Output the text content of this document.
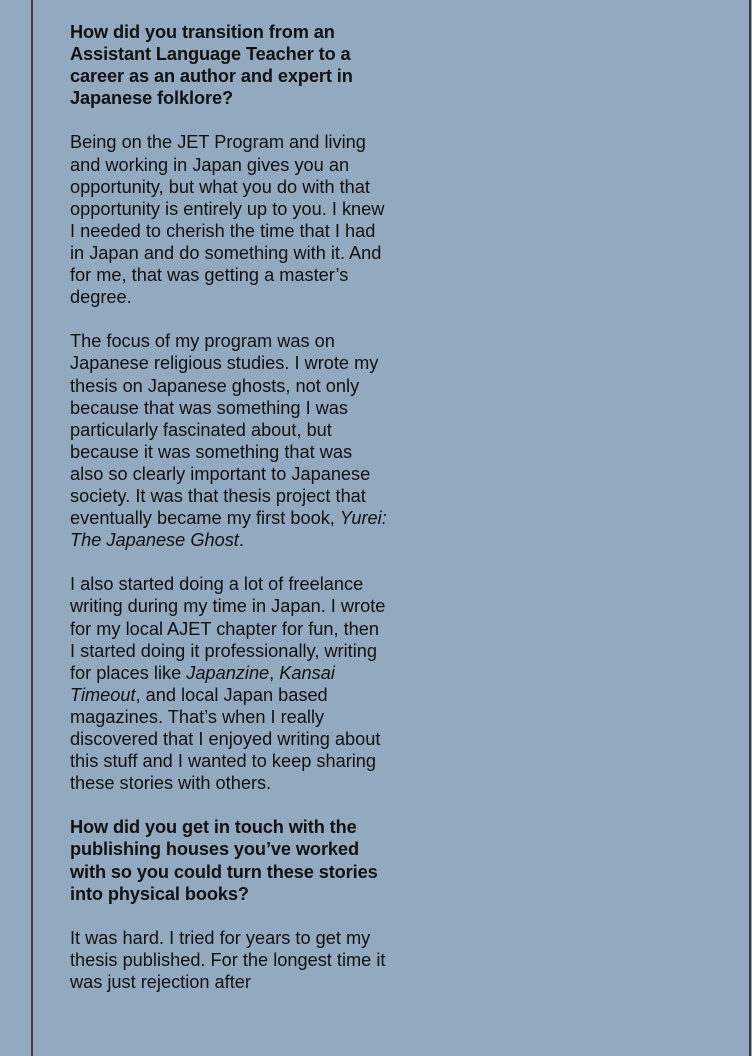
How did you transition from an Assistant Language Teacher to a career as an author and expert in Japanese folklore?

Being on the JET Program and living and working in Japan gives you an opportunity, but what you do with that opportunity is entirely up to you. I knew I needed to cherish the time that I had in Japan and do something with it. And for me, that was getting a master’s degree.

The focus of my program was on Japanese religious studies. I wrote my thesis on Japanese ghosts, not only because that was something I was particularly fascinated about, but because it was something that was also so clearly important to Japanese society. It was that thesis project that eventually became my first book, Yurei: The Japanese Ghost.

I also started doing a lot of freelance writing during my time in Japan. I wrote for my local AJET chapter for fun, then I started doing it professionally, writing for places like Japanzine, Kansai Timeout, and local Japan based magazines. That’s when I really discovered that I enjoyed writing about this stuff and I wanted to keep sharing these stories with others.

How did you get in touch with the publishing houses you’ve worked with so you could turn these stories into physical books?

It was hard. I tried for years to get my thesis published. For the longest time it was just rejection after
